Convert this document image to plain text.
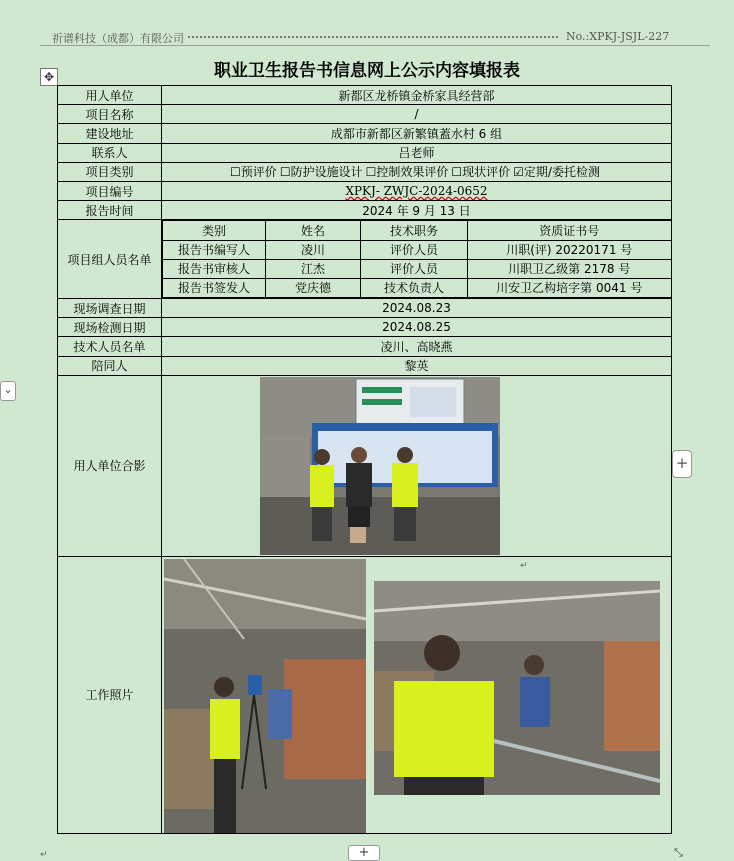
祈谱科技（成都）有限公司	No.:XPKJ-JSJL-227
✥	职业卫生报告书信息网上公示内容填报表
用人单位	新都区龙桥镇金桥家具经营部
项目名称	/
建设地址	成都市新都区新繁镇蓋水村 6 组
联系人	吕老师
项目类别	☐预评价 ☐防护设施设计 ☐控制效果评价 ☐现状评价 ☑定期/委托检测
项目编号	XPKJ- ZWJC-2024-0652
报告时间	2024 年 9 月 13 日
项目组人员名单	
类别	姓名	技术职务	资质证书号
报告书编写人	凌川	评价人员	川职(评) 20220171 号
报告书审核人	江杰	评价人员	川职卫乙级第 2178 号
报告书签发人	党庆德	技术负责人	川安卫乙构培字第 0041 号

现场调查日期	2024.08.23
现场检测日期	2024.08.25
技术人员名单	凌川、高晓燕
陪同人	黎英
用人单位合影	

工作照片	
↵
⌄
+
+	⤡
↵
